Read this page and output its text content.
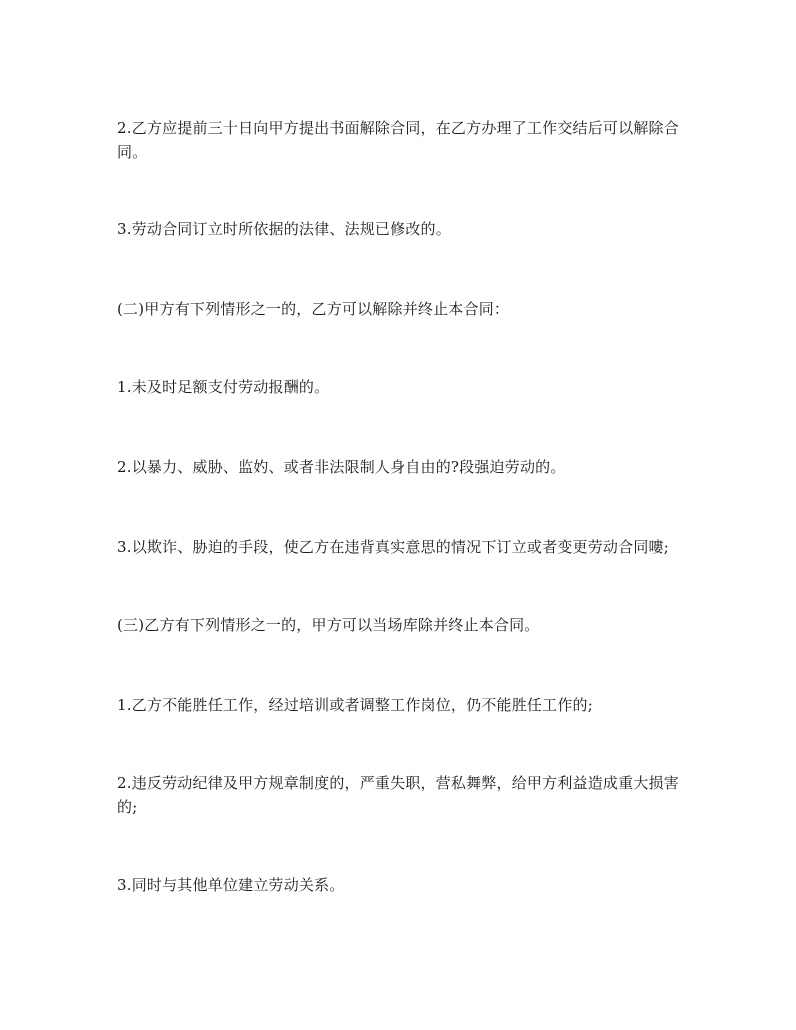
2.乙方应提前三十日向甲方提出书面解除合同，在乙方办理了工作交结后可以解除合同。

3.劳动合同订立时所依据的法律、法规已修改的。

(二)甲方有下列情形之一的，乙方可以解除并终止本合同：

1.未及时足额支付劳动报酬的。

2.以暴力、威胁、监妁、或者非法限制人身自由的?段强迫劳动的。

3.以欺诈、胁迫的手段，使乙方在违背真实意思的情况下订立或者变更劳动合同嘍;

(三)乙方有下列情形之一的，甲方可以当场库除并终止本合同。

1.乙方不能胜任工作，经过培训或者调整工作岗位，仍不能胜任工作的;

2.违反劳动纪律及甲方规章制度的，严重失职，营私舞弊，给甲方利益造成重大损害的;

3.同时与其他单位建立劳动关系。
